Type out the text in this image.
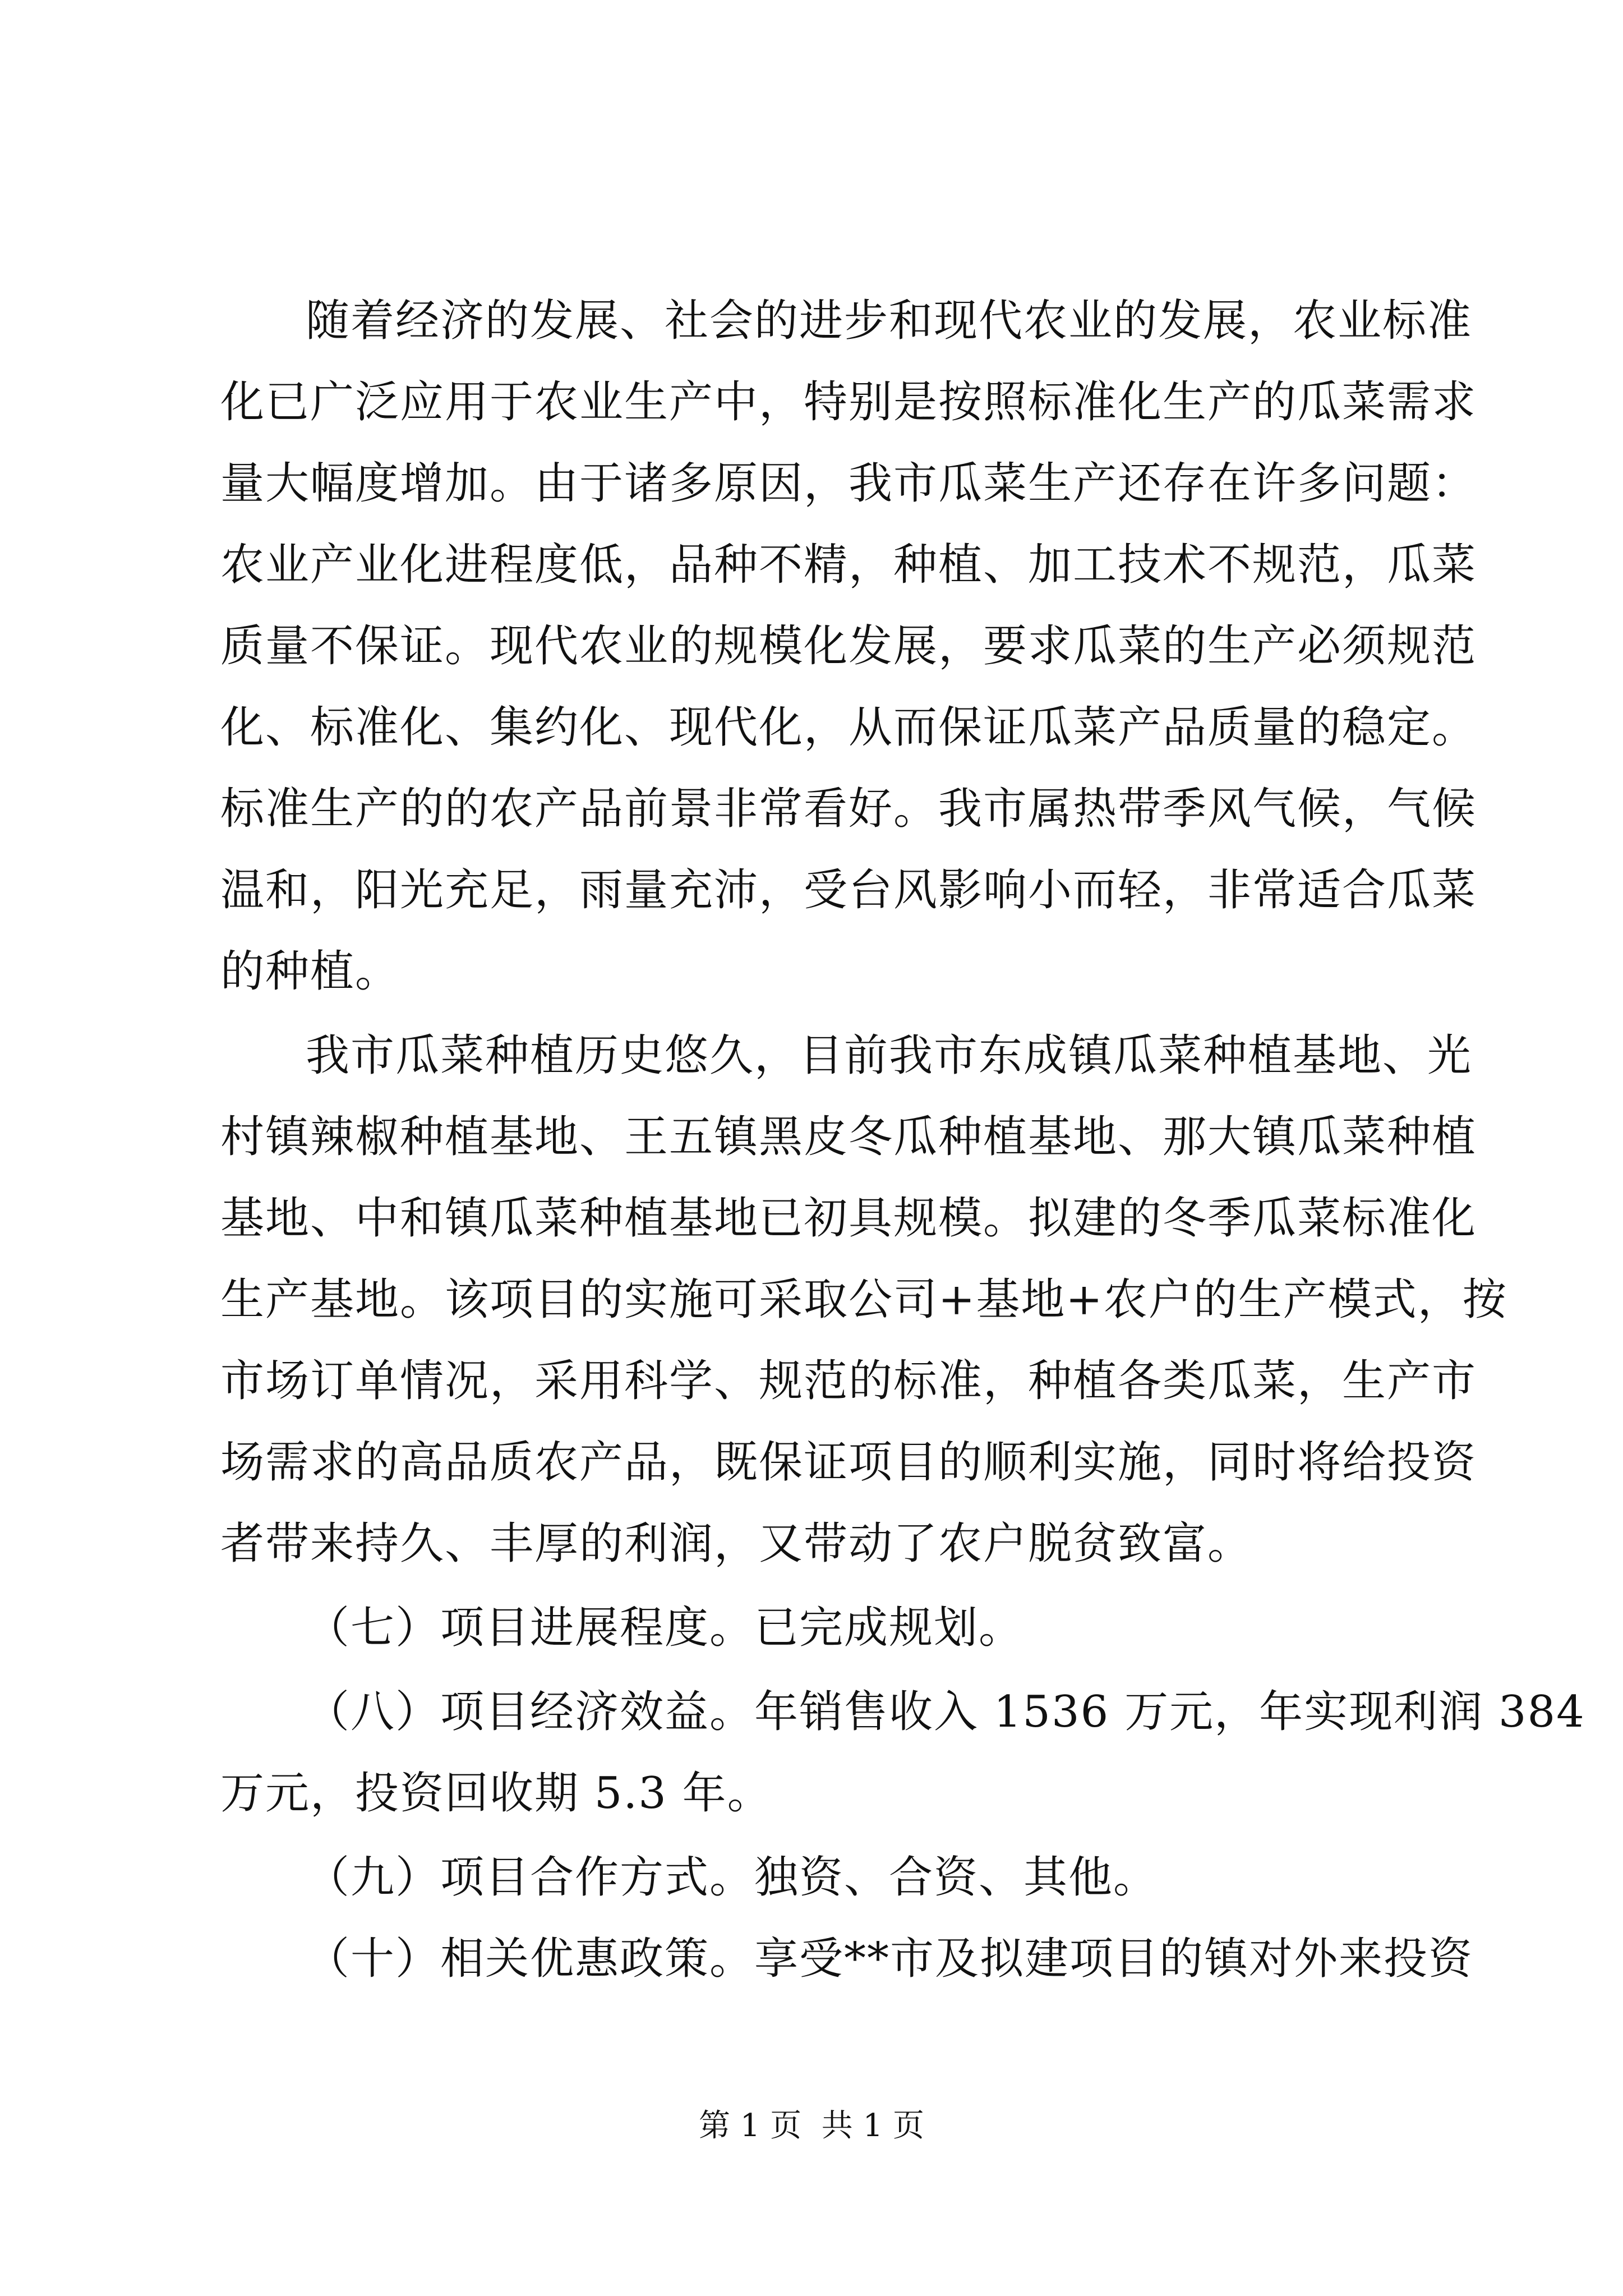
随着经济的发展、社会的进步和现代农业的发展，农业标准
化已广泛应用于农业生产中，特别是按照标准化生产的瓜菜需求
量大幅度增加。由于诸多原因，我市瓜菜生产还存在许多问题：
农业产业化进程度低，品种不精，种植、加工技术不规范，瓜菜
质量不保证。现代农业的规模化发展，要求瓜菜的生产必须规范
化、标准化、集约化、现代化，从而保证瓜菜产品质量的稳定。
标准生产的的农产品前景非常看好。我市属热带季风气候，气候
温和，阳光充足，雨量充沛，受台风影响小而轻，非常适合瓜菜
的种植。
我市瓜菜种植历史悠久，目前我市东成镇瓜菜种植基地、光
村镇辣椒种植基地、王五镇黑皮冬瓜种植基地、那大镇瓜菜种植
基地、中和镇瓜菜种植基地已初具规模。拟建的冬季瓜菜标准化
生产基地。该项目的实施可采取公司+基地+农户的生产模式，按
市场订单情况，采用科学、规范的标准，种植各类瓜菜，生产市
场需求的高品质农产品，既保证项目的顺利实施，同时将给投资
者带来持久、丰厚的利润，又带动了农户脱贫致富。
（七）项目进展程度。已完成规划。
（八）项目经济效益。年销售收入 1536 万元，年实现利润 384
万元，投资回收期 5.3 年。
（九）项目合作方式。独资、合资、其他。
（十）相关优惠政策。享受**市及拟建项目的镇对外来投资
第 1 页  共 1 页
